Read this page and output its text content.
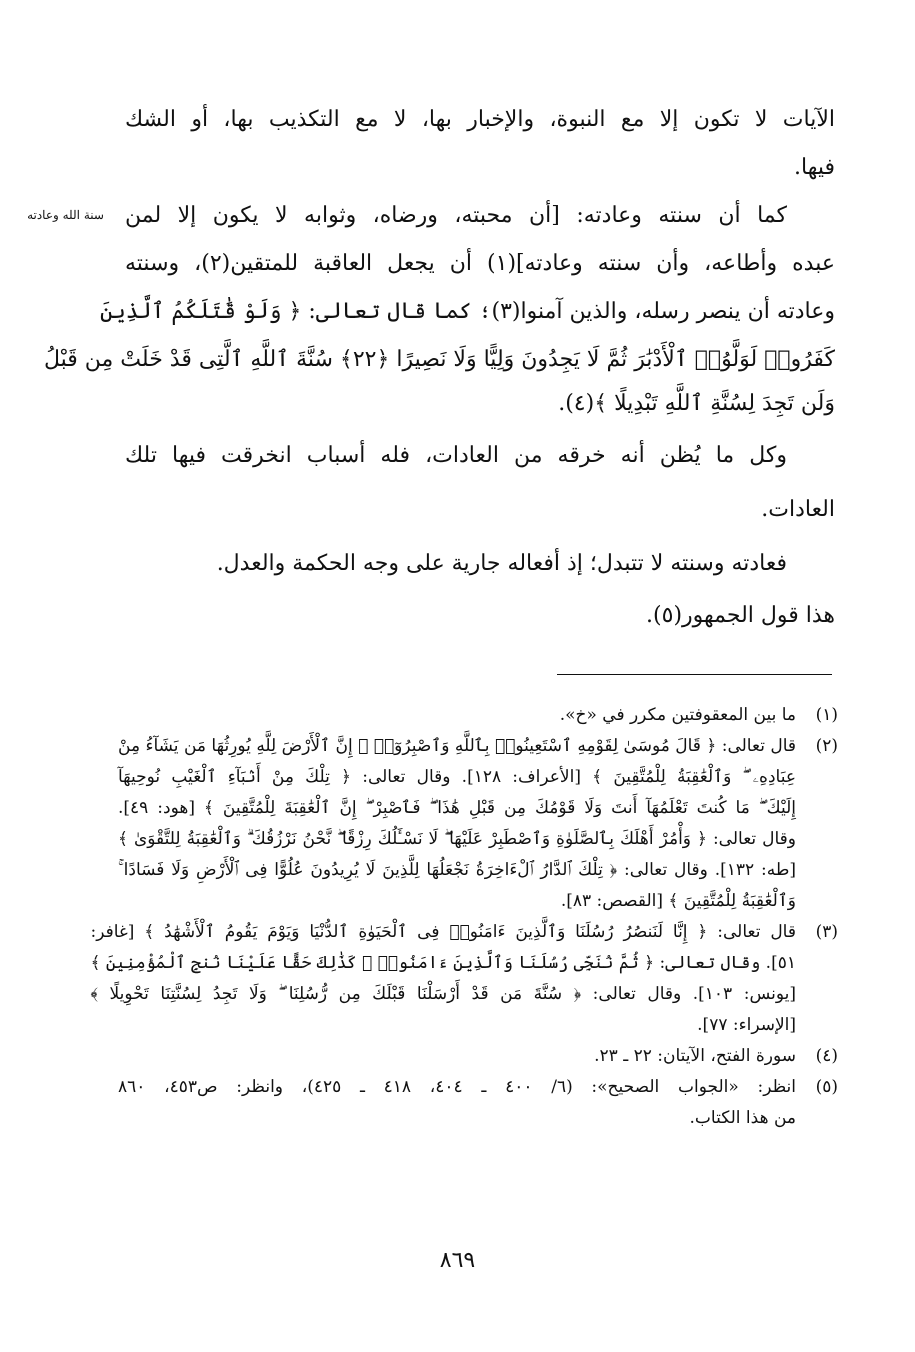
سنة الله وعادته
الآيات لا تكون إلا مع النبوة، والإخبار بها، لا مع التكذيب بها، أو الشك
فيها.
كما أن سنته وعادته: [أن محبته، ورضاه، وثوابه لا يكون إلا لمن
عبده وأطاعه، وأن سنته وعادته](١) أن يجعل العاقبة للمتقين(٢)، وسنته
وعادته أن ينصر رسله، والذين آمنوا(٣)؛ كما قال تعالى: ﴿ وَلَوْ قَٰتَلَكُمُ ٱلَّذِينَ
كَفَرُوا۟ لَوَلَّوُا۟ ٱلْأَدْبَٰرَ ثُمَّ لَا يَجِدُونَ وَلِيًّا وَلَا نَصِيرًا ﴿٢٢﴾ سُنَّةَ ٱللَّهِ ٱلَّتِى قَدْ خَلَتْ مِن قَبْلُ
وَلَن تَجِدَ لِسُنَّةِ ٱللَّهِ تَبْدِيلًا ﴾(٤).
وكل ما يُظن أنه خرقه من العادات، فله أسباب انخرقت فيها تلك
العادات.
فعادته وسنته لا تتبدل؛ إذ أفعاله جارية على وجه الحكمة والعدل.
هذا قول الجمهور(٥).
(١)
ما بين المعقوفتين مكرر في «خ».
(٢)
قال تعالى: ﴿ قَالَ مُوسَىٰ لِقَوْمِهِ ٱسْتَعِينُوا۟ بِٱللَّهِ وَٱصْبِرُوٓا۟ ۖ إِنَّ ٱلْأَرْضَ لِلَّهِ يُورِثُهَا مَن يَشَآءُ مِنْ
عِبَادِهِۦ ۖ وَٱلْعَٰقِبَةُ لِلْمُتَّقِينَ ﴾ [الأعراف: ١٢٨]. وقال تعالى: ﴿ تِلْكَ مِنْ أَنۢبَآءِ ٱلْغَيْبِ نُوحِيهَآ
إِلَيْكَ ۖ مَا كُنتَ تَعْلَمُهَآ أَنتَ وَلَا قَوْمُكَ مِن قَبْلِ هَٰذَا ۖ فَٱصْبِرْ ۖ إِنَّ ٱلْعَٰقِبَةَ لِلْمُتَّقِينَ ﴾ [هود: ٤٩].
وقال تعالى: ﴿ وَأْمُرْ أَهْلَكَ بِٱلصَّلَوٰةِ وَٱصْطَبِرْ عَلَيْهَا ۖ لَا نَسْـَٔلُكَ رِزْقًا ۖ نَّحْنُ نَرْزُقُكَ ۗ وَٱلْعَٰقِبَةُ لِلتَّقْوَىٰ ﴾
[طه: ١٣٢]. وقال تعالى: ﴿ تِلْكَ ٱلدَّارُ ٱلْءَاخِرَةُ نَجْعَلُهَا لِلَّذِينَ لَا يُرِيدُونَ عُلُوًّا فِى ٱلْأَرْضِ وَلَا فَسَادًا ۚ
وَٱلْعَٰقِبَةُ لِلْمُتَّقِينَ ﴾ [القصص: ٨٣].
(٣)
قال تعالى: ﴿ إِنَّا لَنَنصُرُ رُسُلَنَا وَٱلَّذِينَ ءَامَنُوا۟ فِى ٱلْحَيَوٰةِ ٱلدُّنْيَا وَيَوْمَ يَقُومُ ٱلْأَشْهَٰدُ ﴾ [غافر:
٥١]. وقال تعالى: ﴿ ثُمَّ نُنَجِّى رُسُلَنَا وَٱلَّذِينَ ءَامَنُوا۟ ۚ كَذَٰلِكَ حَقًّا عَلَيْنَا نُنجِ ٱلْمُؤْمِنِينَ ﴾
[يونس: ١٠٣]. وقال تعالى: ﴿ سُنَّةَ مَن قَدْ أَرْسَلْنَا قَبْلَكَ مِن رُّسُلِنَا ۖ وَلَا تَجِدُ لِسُنَّتِنَا تَحْوِيلًا ﴾
[الإسراء: ٧٧].
(٤)
سورة الفتح، الآيتان: ٢٢ ـ ٢٣.
(٥)
انظر: «الجواب الصحيح»: (٦/ ٤٠٠ ـ ٤٠٤، ٤١٨ ـ ٤٢٥)، وانظر: ص٤٥٣، ٨٦٠
من هذا الكتاب.
٨٦٩
